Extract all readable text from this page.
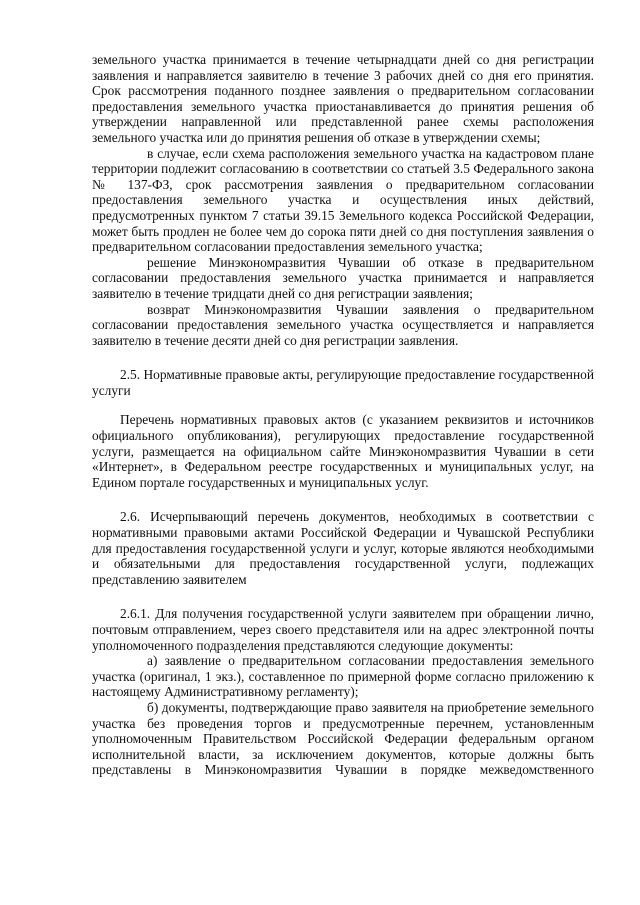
земельного участка принимается в течение четырнадцати дней со дня регистрации заявления и направляется заявителю в течение 3 рабочих дней со дня его принятия. Срок рассмотрения поданного позднее заявления о предварительном согласовании предоставления земельного участка приостанавливается до принятия решения об утверждении направленной или представленной ранее схемы расположения земельного участка или до принятия решения об отказе в утверждении схемы;

в случае, если схема расположения земельного участка на кадастровом плане территории подлежит согласованию в соответствии со статьей 3.5 Федерального закона № 137-ФЗ, срок рассмотрения заявления о предварительном согласовании предоставления земельного участка и осуществления иных действий, предусмотренных пунктом 7 статьи 39.15 Земельного кодекса Российской Федерации, может быть продлен не более чем до сорока пяти дней со дня поступления заявления о предварительном согласовании предоставления земельного участка;

решение Минэкономразвития Чувашии об отказе в предварительном согласовании предоставления земельного участка принимается и направляется заявителю в течение тридцати дней со дня регистрации заявления;

возврат Минэкономразвития Чувашии заявления о предварительном согласовании предоставления земельного участка осуществляется и направляется заявителю в течение десяти дней со дня регистрации заявления.

2.5. Нормативные правовые акты, регулирующие предоставление государственной услуги

Перечень нормативных правовых актов (с указанием реквизитов и источников официального опубликования), регулирующих предоставление государственной услуги, размещается на официальном сайте Минэкономразвития Чувашии в сети «Интернет», в Федеральном реестре государственных и муниципальных услуг, на Едином портале государственных и муниципальных услуг.

2.6. Исчерпывающий перечень документов, необходимых в соответствии с нормативными правовыми актами Российской Федерации и Чувашской Республики для предоставления государственной услуги и услуг, которые являются необходимыми и обязательными для предоставления государственной услуги, подлежащих представлению заявителем

2.6.1. Для получения государственной услуги заявителем при обращении лично, почтовым отправлением, через своего представителя или на адрес электронной почты уполномоченного подразделения представляются следующие документы:

а) заявление о предварительном согласовании предоставления земельного участка (оригинал, 1 экз.), составленное по примерной форме согласно приложению к настоящему Административному регламенту);

б) документы, подтверждающие право заявителя на приобретение земельного участка без проведения торгов и предусмотренные перечнем, установленным уполномоченным Правительством Российской Федерации федеральным органом исполнительной власти, за исключением документов, которые должны быть представлены в Минэкономразвития Чувашии в порядке межведомственного
